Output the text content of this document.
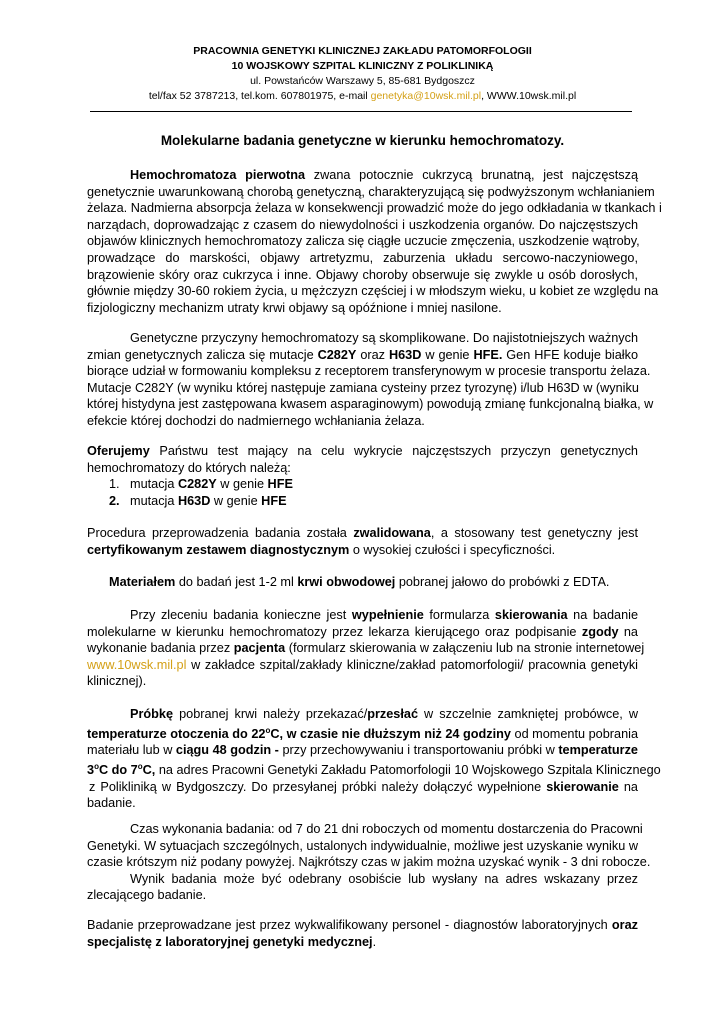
PRACOWNIA GENETYKI KLINICZNEJ ZAKŁADU PATOMORFOLOGII
10 WOJSKOWY SZPITAL KLINICZNY Z POLIKLINIKĄ
ul. Powstańców Warszawy 5, 85-681 Bydgoszcz
tel/fax 52 3787213, tel.kom. 607801975, e-mail genetyka@10wsk.mil.pl, WWW.10wsk.mil.pl
Molekularne badania genetyczne w kierunku hemochromatozy.
Hemochromatoza pierwotna zwana potocznie cukrzycą brunatną, jest najczęstszą
genetycznie uwarunkowaną chorobą genetyczną, charakteryzującą się podwyższonym wchłanianiem
żelaza. Nadmierna absorpcja żelaza w konsekwencji prowadzić może do jego odkładania w tkankach i
narządach, doprowadzając z czasem do niewydolności i uszkodzenia organów. Do najczęstszych
objawów klinicznych hemochromatozy zalicza się ciągłe uczucie zmęczenia, uszkodzenie wątroby,
prowadzące do marskości, objawy artretyzmu, zaburzenia układu sercowo-naczyniowego,
brązowienie skóry oraz cukrzyca i inne. Objawy choroby obserwuje się zwykle u osób dorosłych,
głównie między 30-60 rokiem życia, u mężczyzn częściej i w młodszym wieku, u kobiet ze względu na
fizjologiczny mechanizm utraty krwi objawy są opóźnione i mniej nasilone.
Genetyczne przyczyny hemochromatozy są skomplikowane. Do najistotniejszych ważnych
zmian genetycznych zalicza się mutacje C282Y oraz H63D w genie HFE. Gen HFE koduje białko
biorące udział w formowaniu kompleksu z receptorem transferynowym w procesie transportu żelaza.
Mutacje C282Y (w wyniku której następuje zamiana cysteiny przez tyrozynę) i/lub H63D w (wyniku
której histydyna jest zastępowana kwasem asparaginowym) powodują zmianę funkcjonalną białka, w
efekcie której dochodzi do nadmiernego wchłaniania żelaza.
Oferujemy Państwu test mający na celu wykrycie najczęstszych przyczyn genetycznych
hemochromatozy do których należą:
1. mutacja C282Y w genie HFE
2. mutacja H63D w genie HFE
Procedura przeprowadzenia badania została zwalidowana, a stosowany test genetyczny jest
certyfikowanym zestawem diagnostycznym o wysokiej czułości i specyficzności.
Materiałem do badań jest 1-2 ml krwi obwodowej pobranej jałowo do probówki z EDTA.
Przy zleceniu badania konieczne jest wypełnienie formularza skierowania na badanie
molekularne w kierunku hemochromatozy przez lekarza kierującego oraz podpisanie zgody na
wykonanie badania przez pacjenta (formularz skierowania w załączeniu lub na stronie internetowej
www.10wsk.mil.pl w zakładce szpital/zakłady kliniczne/zakład patomorfologii/ pracownia genetyki
klinicznej).
Próbkę pobranej krwi należy przekazać/przesłać w szczelnie zamkniętej probówce, w
temperaturze otoczenia do 22$^o$C, w czasie nie dłuższym niż 24 godziny od momentu pobrania
materiału lub w ciągu 48 godzin - przy przechowywaniu i transportowaniu próbki w temperaturze
3$^o$C do 7$^o$C, na adres Pracowni Genetyki Zakładu Patomorfologii 10 Wojskowego Szpitala Klinicznego
z Polikliniką w Bydgoszczy. Do przesyłanej próbki należy dołączyć wypełnione skierowanie na
badanie.
Czas wykonania badania: od 7 do 21 dni roboczych od momentu dostarczenia do Pracowni
Genetyki. W sytuacjach szczególnych, ustalonych indywidualnie, możliwe jest uzyskanie wyniku w
czasie krótszym niż podany powyżej. Najkrótszy czas w jakim można uzyskać wynik - 3 dni robocze.
Wynik badania może być odebrany osobiście lub wysłany na adres wskazany przez
zlecającego badanie.
Badanie przeprowadzane jest przez wykwalifikowany personel - diagnostów laboratoryjnych oraz
specjalistę z laboratoryjnej genetyki medycznej.
